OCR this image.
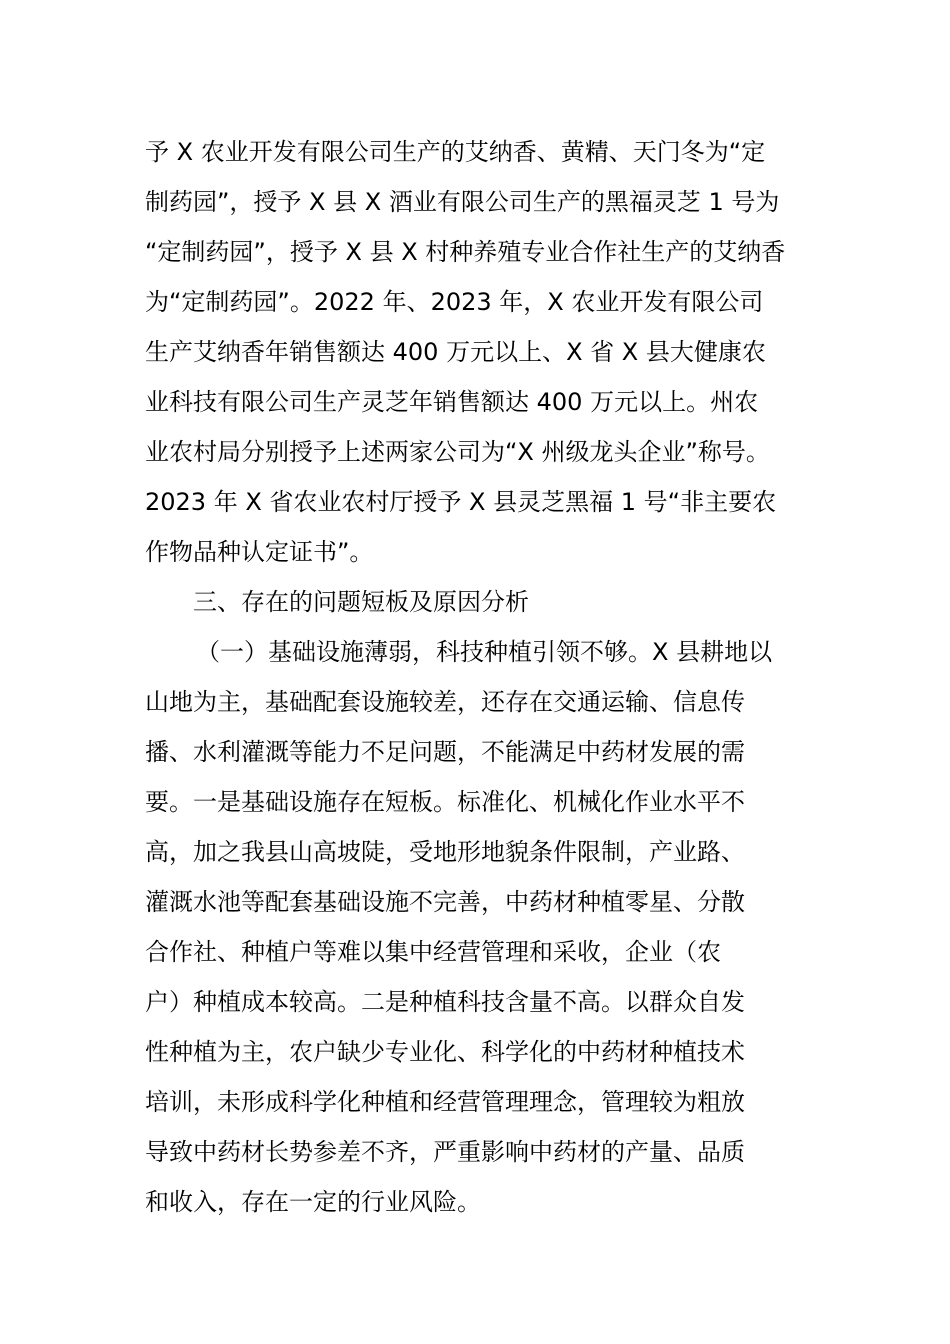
予 X 农业开发有限公司生产的艾纳香、黄精、天门冬为“定
制药园”，授予 X 县 X 酒业有限公司生产的黑福灵芝 1 号为
“定制药园”，授予 X 县 X 村种养殖专业合作社生产的艾纳香
为“定制药园”。2022 年、2023 年，X 农业开发有限公司
生产艾纳香年销售额达 400 万元以上、X 省 X 县大健康农
业科技有限公司生产灵芝年销售额达 400 万元以上。州农
业农村局分别授予上述两家公司为“X 州级龙头企业”称号。
2023 年 X 省农业农村厅授予 X 县灵芝黑福 1 号“非主要农
作物品种认定证书”。
三、存在的问题短板及原因分析
（一）基础设施薄弱，科技种植引领不够。X 县耕地以
山地为主，基础配套设施较差，还存在交通运输、信息传
播、水利灌溉等能力不足问题，不能满足中药材发展的需
要。一是基础设施存在短板。标准化、机械化作业水平不
高，加之我县山高坡陡，受地形地貌条件限制，产业路、
灌溉水池等配套基础设施不完善，中药材种植零星、分散
合作社、种植户等难以集中经营管理和采收，企业（农
户）种植成本较高。二是种植科技含量不高。以群众自发
性种植为主，农户缺少专业化、科学化的中药材种植技术
培训，未形成科学化种植和经营管理理念，管理较为粗放
导致中药材长势参差不齐，严重影响中药材的产量、品质
和收入，存在一定的行业风险。
